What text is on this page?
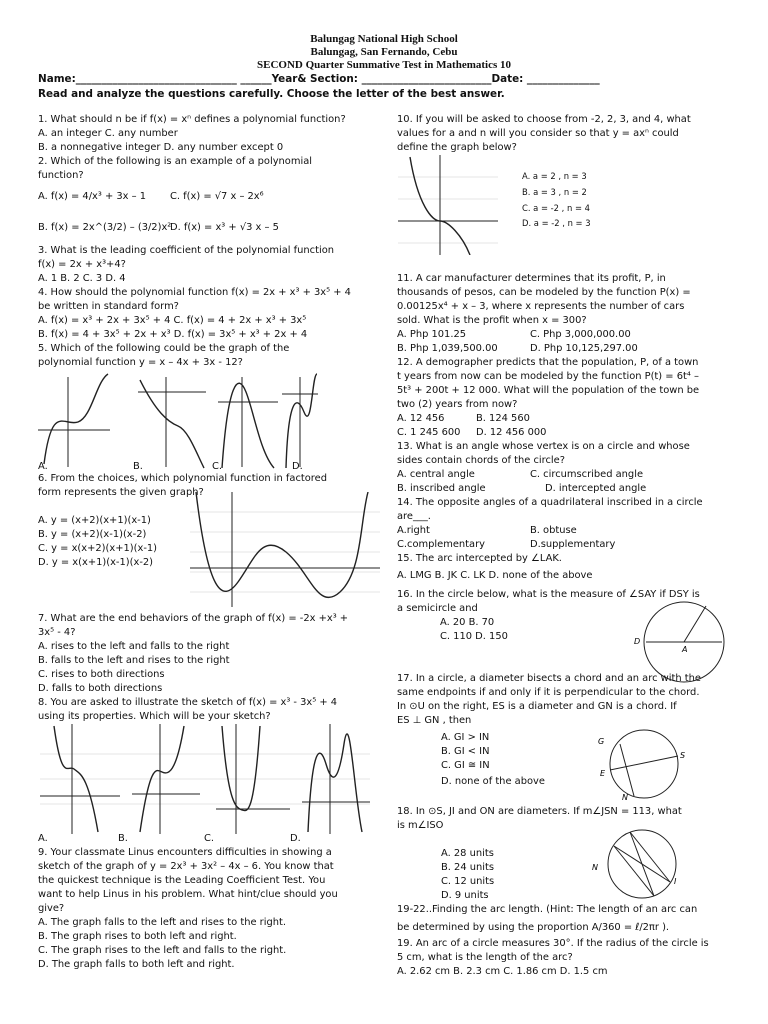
Balungag National High School
Balungag, San Fernando, Cebu
SECOND Quarter Summative Test in Mathematics 10
Name:_______________________________ ______Year& Section: _________________________Date: ______________
Read and analyze the questions carefully. Choose the letter of the best answer.
1. What should n be if f(x) = xⁿ defines a polynomial function?
A. an integer C. any number
B. a nonnegative integer D. any number except 0
2. Which of the following is an example of a polynomial
function?
A. f(x) = 4/x³ + 3x – 1 C. f(x) = √7 x – 2x⁶
B. f(x) = 2x^(3/2) – (3/2)x²
D. f(x) = x³ + √3 x – 5
3. What is the leading coefficient of the polynomial function
f(x) = 2x + x³+4?
A. 1 B. 2 C. 3 D. 4
4. How should the polynomial function f(x) = 2x + x³ + 3x⁵ + 4
be written in standard form?
A. f(x) = x³ + 2x + 3x⁵ + 4 C. f(x) = 4 + 2x + x³ + 3x⁵
B. f(x) = 4 + 3x⁵ + 2x + x³ D. f(x) = 3x⁵ + x³ + 2x + 4
5. Which of the following could be the graph of the
polynomial function y = x – 4x + 3x - 12?
A.	B.	C.	D.
6. From the choices, which polynomial function in factored
form represents the given graph?
A. y = (x+2)(x+1)(x-1)
B. y = (x+2)(x-1)(x-2)
C. y = x(x+2)(x+1)(x-1)
D. y = x(x+1)(x-1)(x-2)
7. What are the end behaviors of the graph of f(x) = -2x +x³ +
3x⁵ - 4?
A. rises to the left and falls to the right
B. falls to the left and rises to the right
C. rises to both directions
D. falls to both directions
8. You are asked to illustrate the sketch of f(x) = x³ - 3x⁵ + 4
using its properties. Which will be your sketch?
A.	B.	C.	D.
9. Your classmate Linus encounters difficulties in showing a
sketch of the graph of y = 2x³ + 3x² – 4x – 6. You know that
the quickest technique is the Leading Coefficient Test. You
want to help Linus in his problem. What hint/clue should you
give?
A. The graph falls to the left and rises to the right.
B. The graph rises to both left and right.
C. The graph rises to the left and falls to the right.
D. The graph falls to both left and right.
10. If you will be asked to choose from -2, 2, 3, and 4, what
values for a and n will you consider so that y = axⁿ could
define the graph below?
A. a = 2 , n = 3
B. a = 3 , n = 2
C. a = -2 , n = 4
D. a = -2 , n = 3
11. A car manufacturer determines that its profit, P, in
thousands of pesos, can be modeled by the function P(x) =
0.00125x⁴ + x – 3, where x represents the number of cars
sold. What is the profit when x = 300?
A. Php 101.25	C. Php 3,000,000.00
B. Php 1,039,500.00	D. Php 10,125,297.00
12. A demographer predicts that the population, P, of a town
t years from now can be modeled by the function P(t) = 6t⁴ –
5t³ + 200t + 12 000. What will the population of the town be
two (2) years from now?
A. 12 456	B. 124 560
C. 1 245 600 D. 12 456 000
13. What is an angle whose vertex is on a circle and whose
sides contain chords of the circle?
A. central angle	C. circumscribed angle
B. inscribed angle	D. intercepted angle
14. The opposite angles of a quadrilateral inscribed in a circle
are___.
A.right	B. obtuse
C.complementary	D.supplementary
15. The arc intercepted by ∠LAK.
A. LMG B. JK C. LK D. none of the above
16. In the circle below, what is the measure of ∠SAY if DSY is
a semicircle and
A. 20 B. 70
C. 110 D. 150	D
A
17. In a circle, a diameter bisects a chord and an arc with the
same endpoints if and only if it is perpendicular to the chord.
In ⊙U on the right, ES is a diameter and GN is a chord. If
ES ⊥ GN , then
A. GI > IN
B. GI < IN
C. GI ≅ IN
D. none of the above
G
S
E
N
18. In ⊙S, JI and ON are diameters. If m∠JSN = 113, what
is m∠ISO
A. 28 units
B. 24 units
C. 12 units
D. 9 units
N
I
19-22..Finding the arc length. (Hint: The length of an arc can
be determined by using the proportion A/360 = ℓ/2πr ).
19. An arc of a circle measures 30°. If the radius of the circle is
5 cm, what is the length of the arc?
A. 2.62 cm B. 2.3 cm C. 1.86 cm D. 1.5 cm
